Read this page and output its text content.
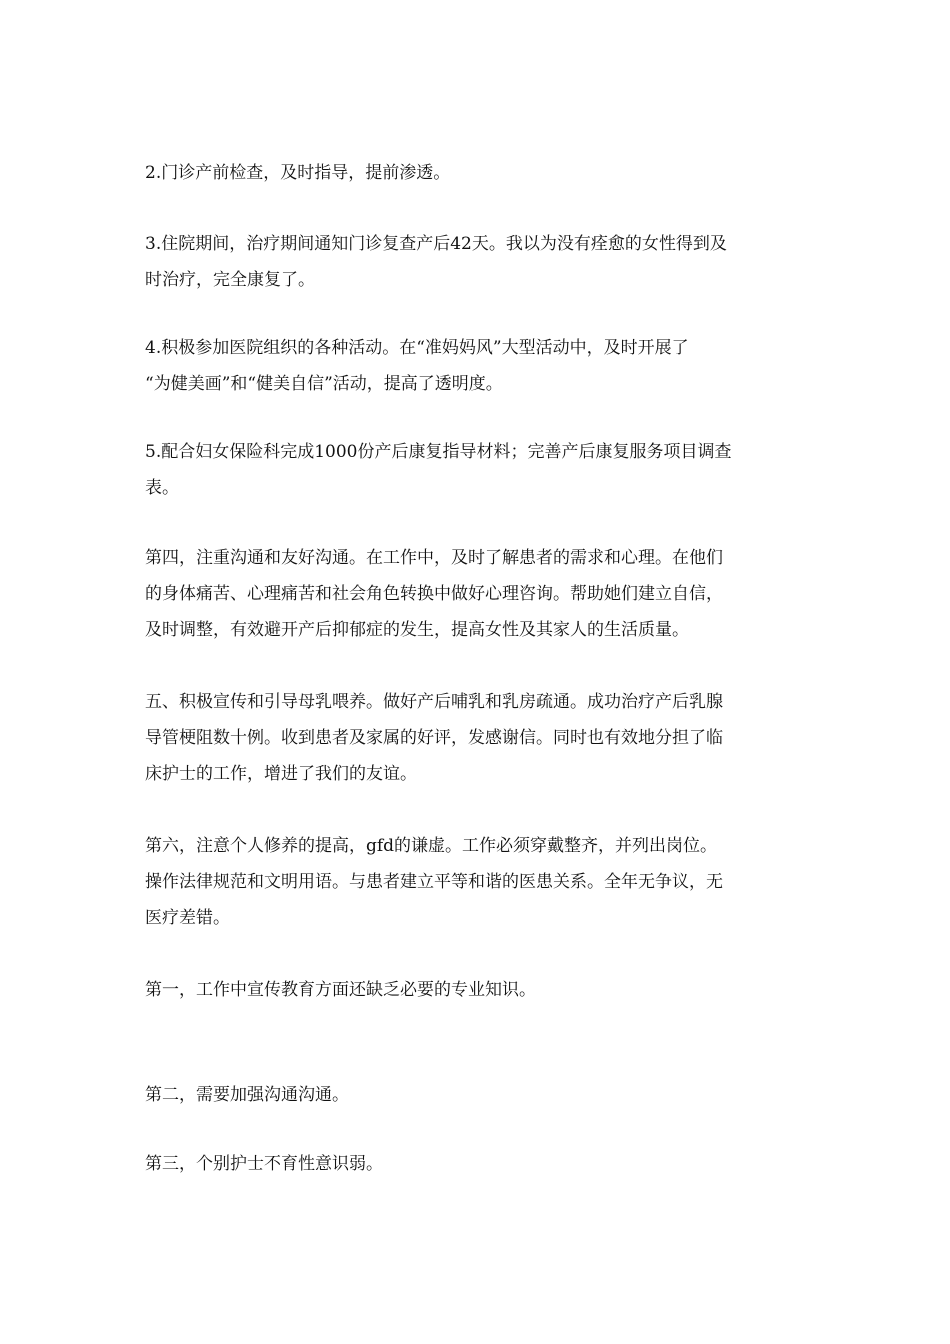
2.门诊产前检查，及时指导，提前渗透。

3.住院期间，治疗期间通知门诊复查产后42天。我以为没有痊愈的女性得到及
时治疗，完全康复了。

4.积极参加医院组织的各种活动。在“准妈妈风”大型活动中，及时开展了
“为健美画”和“健美自信”活动，提高了透明度。

5.配合妇女保险科完成1000份产后康复指导材料；完善产后康复服务项目调查
表。

第四，注重沟通和友好沟通。在工作中，及时了解患者的需求和心理。在他们
的身体痛苦、心理痛苦和社会角色转换中做好心理咨询。帮助她们建立自信，
及时调整，有效避开产后抑郁症的发生，提高女性及其家人的生活质量。

五、积极宣传和引导母乳喂养。做好产后哺乳和乳房疏通。成功治疗产后乳腺
导管梗阻数十例。收到患者及家属的好评，发感谢信。同时也有效地分担了临
床护士的工作，增进了我们的友谊。

第六，注意个人修养的提高，gfd的谦虚。工作必须穿戴整齐，并列出岗位。
操作法律规范和文明用语。与患者建立平等和谐的医患关系。全年无争议，无
医疗差错。

第一，工作中宣传教育方面还缺乏必要的专业知识。

第二，需要加强沟通沟通。

第三，个别护士不育性意识弱。
